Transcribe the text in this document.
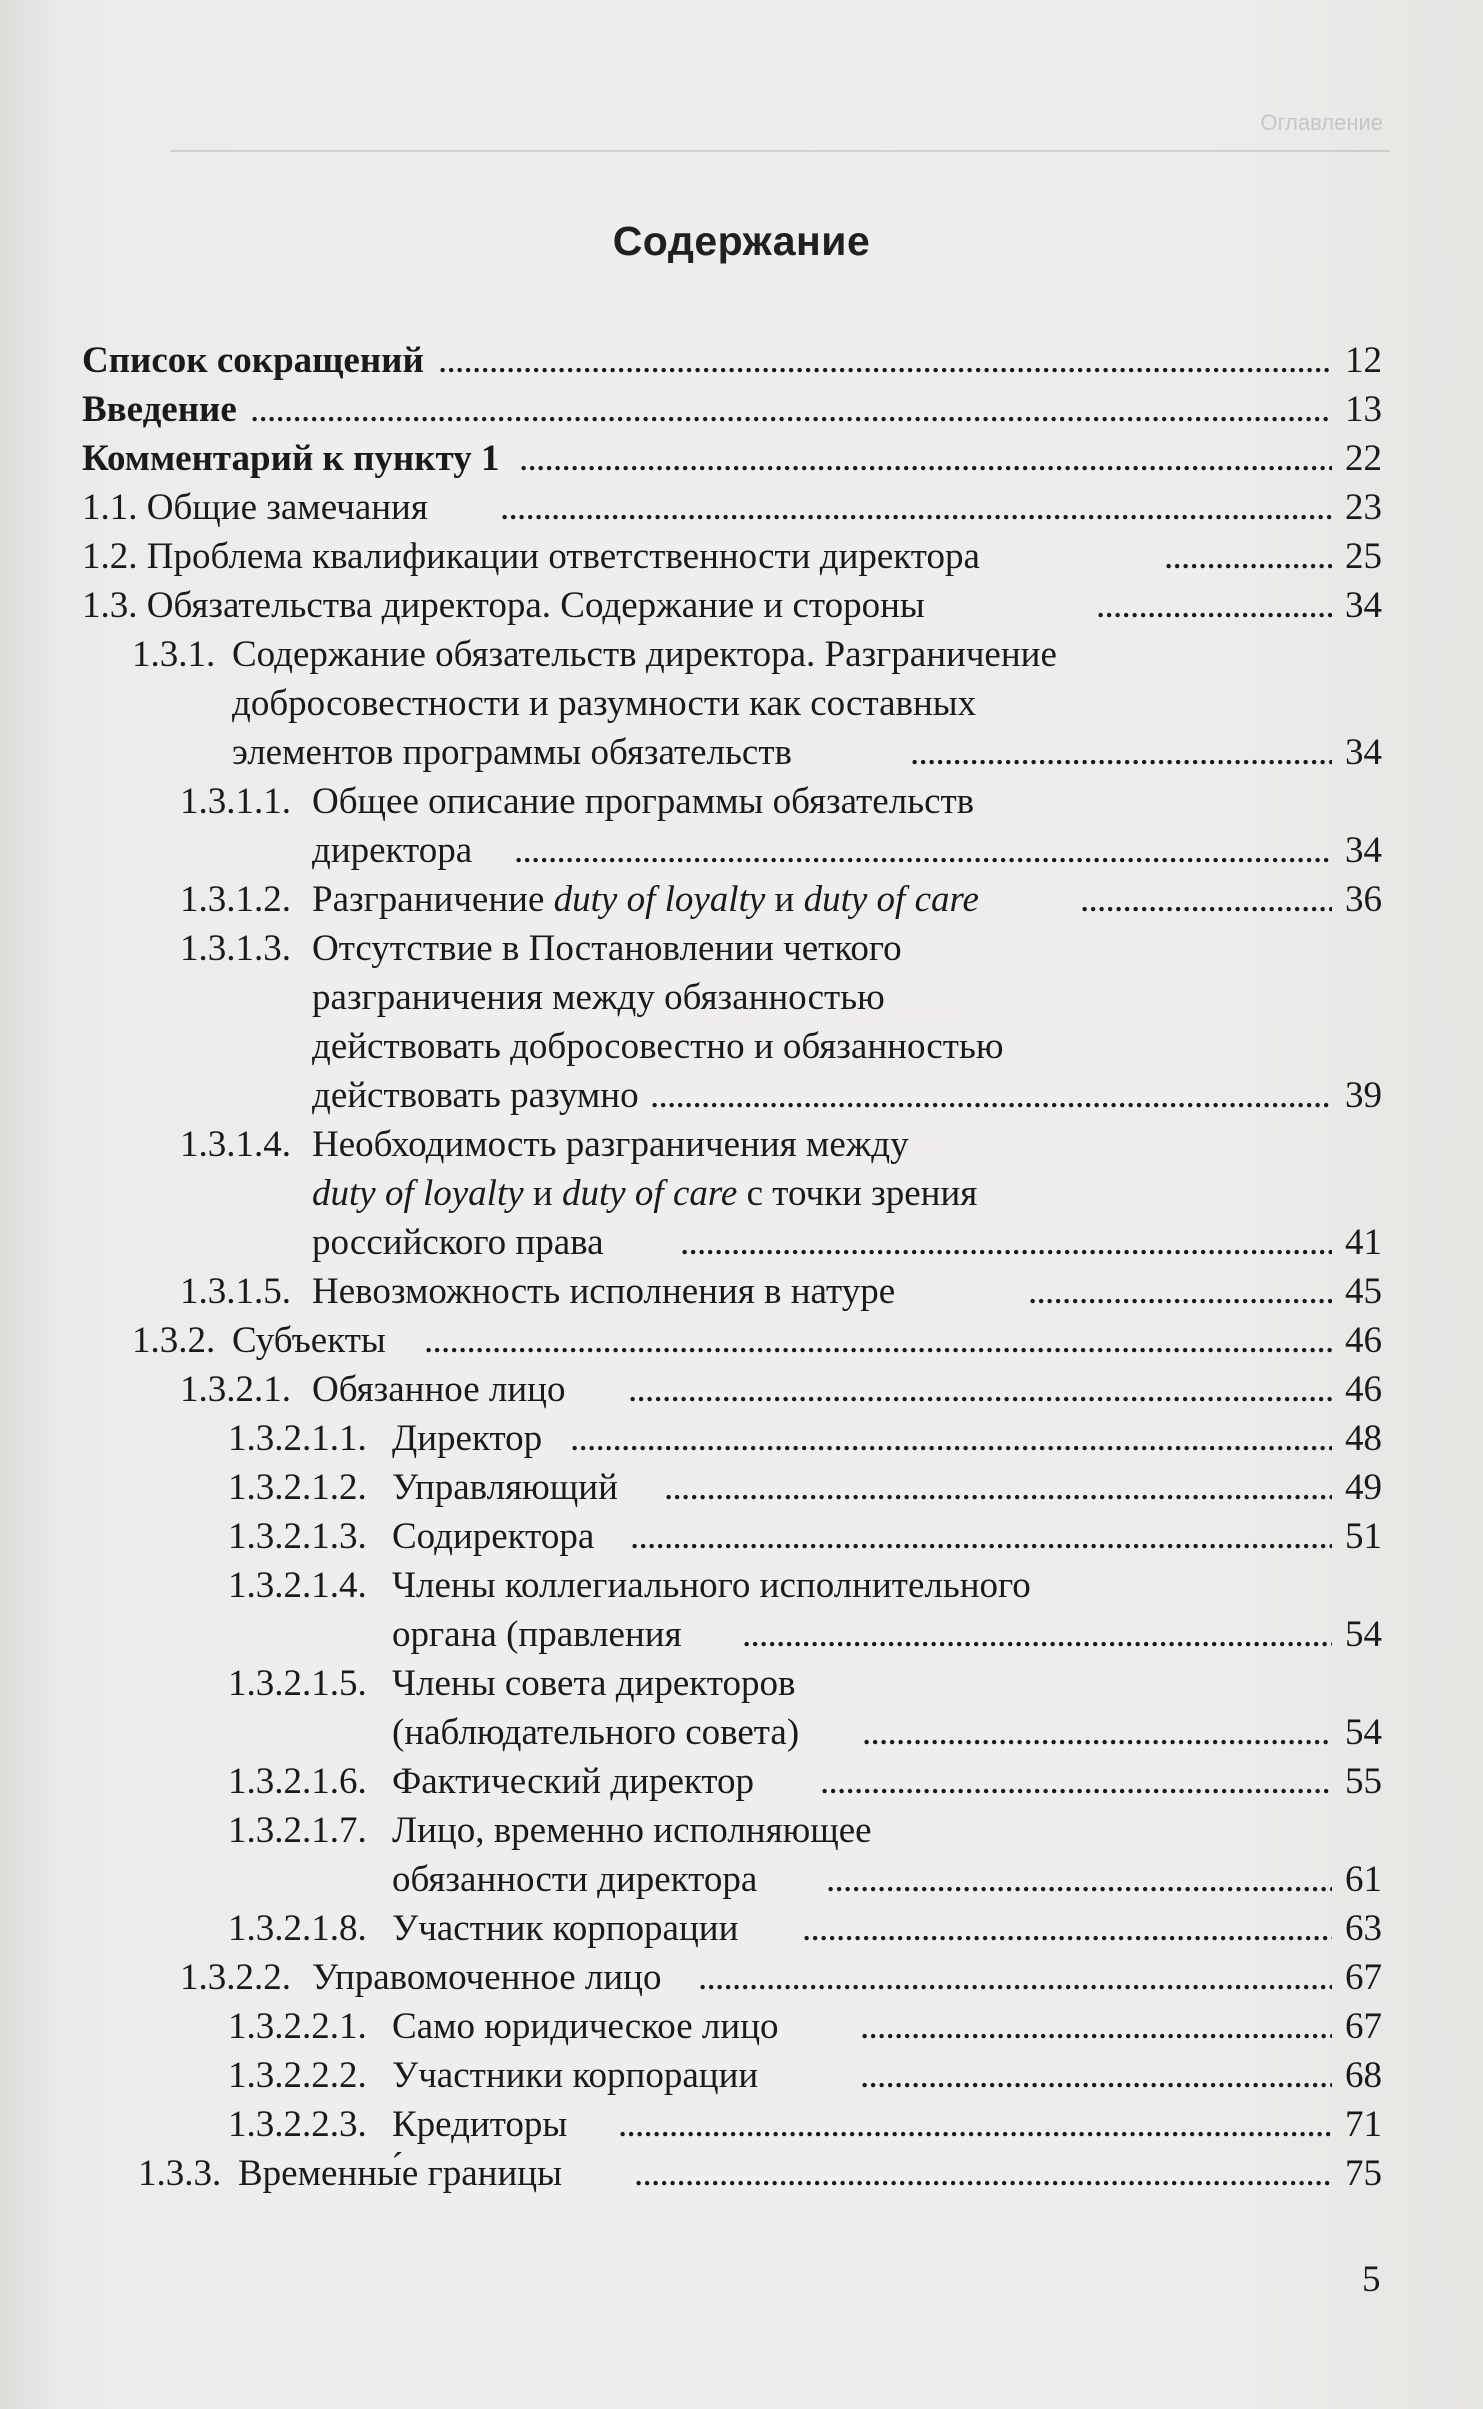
Оглавление
Содержание
Список сокращений . . .	12
Введение . . .	13
Комментарий к пункту 1 . . .	22
1.1. Общие замечания . . .	23
1.2. Проблема квалификации ответственности директора . . .	25
1.3. Обязательства директора. Содержание и стороны . . .	34
1.3.1. Содержание обязательств директора. Разграничение
добросовестности и разумности как составных
элементов программы обязательств . . .	34
1.3.1.1. Общее описание программы обязательств
директора . . .	34
1.3.1.2. Разграничение duty of loyalty и duty of care . . .	36
1.3.1.3. Отсутствие в Постановлении четкого
разграничения между обязанностью
действовать добросовестно и обязанностью
действовать разумно . . .	39
1.3.1.4. Необходимость разграничения между
duty of loyalty и duty of care с точки зрения
российского права . . .	41
1.3.1.5. Невозможность исполнения в натуре . . .	45
1.3.2. Субъекты . . .	46
1.3.2.1. Обязанное лицо . . .	46
1.3.2.1.1. Директор . . .	48
1.3.2.1.2. Управляющий . . .	49
1.3.2.1.3. Содиректора . . .	51
1.3.2.1.4. Члены коллегиального исполнительного
органа (правления . . .	54
1.3.2.1.5. Члены совета директоров
(наблюдательного совета) . . .	54
1.3.2.1.6. Фактический директор . . .	55
1.3.2.1.7. Лицо, временно исполняющее
обязанности директора . . .	61
1.3.2.1.8. Участник корпорации . . .	63
1.3.2.2. Управомоченное лицо . . .	67
1.3.2.2.1. Само юридическое лицо . . .	67
1.3.2.2.2. Участники корпорации . . .	68
1.3.2.2.3. Кредиторы . . .	71
1.3.3. Временны́е границы . . .	75
5
